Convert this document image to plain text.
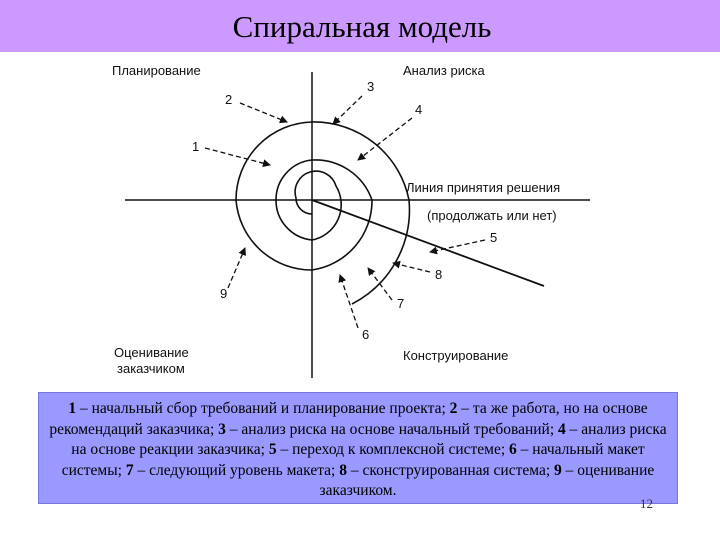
Спиральная модель
Планирование	Анализ риска
Оценивание
заказчиком
Конструирование
Линия принятия решения
(продолжать или нет)
1
2
3
4
5
6
7
8
9
1 – начальный сбор требований и планирование проекта; 2 – та же работа, но на основе рекомендаций заказчика; 3 – анализ риска на основе начальный требований; 4 – анализ риска на основе реакции заказчика; 5 – переход к комплексной системе; 6 – начальный макет системы; 7 – следующий уровень макета; 8 – сконструированная система; 9 – оценивание заказчиком.
12
